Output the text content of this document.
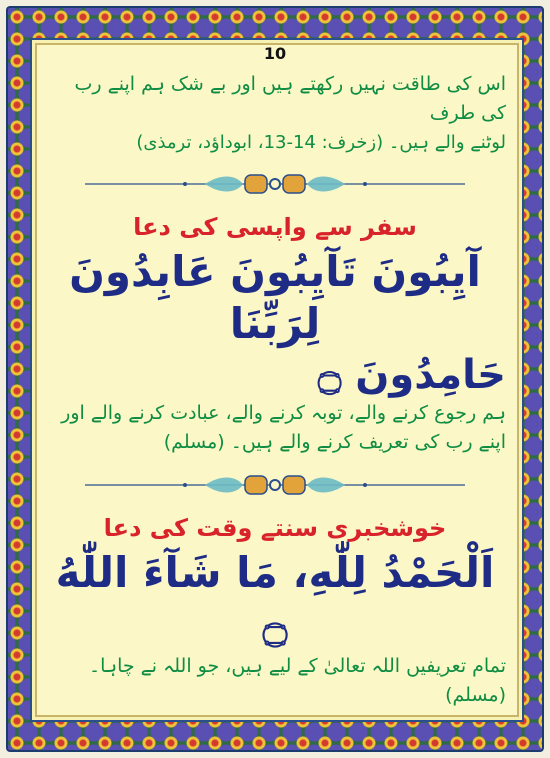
10

اس کی طاقت نہیں رکھتے ہیں اور بے شک ہم اپنے رب کی طرف

لوٹنے والے ہیں۔ (زخرف: 14-13، ابوداؤد، ترمذی)

سفر سے واپسی کی دعا

آيِبُونَ تَآيِبُونَ عَابِدُونَ لِرَبِّنَا

حَامِدُونَ ۝

ہم رجوع کرنے والے، توبہ کرنے والے، عبادت کرنے والے اور

اپنے رب کی تعریف کرنے والے ہیں۔ (مسلم)

خوشخبری سنتے وقت کی دعا

اَلْحَمْدُ لِلّٰهِ، مَا شَآءَ اللّٰهُ ۝

تمام تعریفیں اللہ تعالیٰ کے لیے ہیں، جو اللہ نے چاہا۔ (مسلم)
